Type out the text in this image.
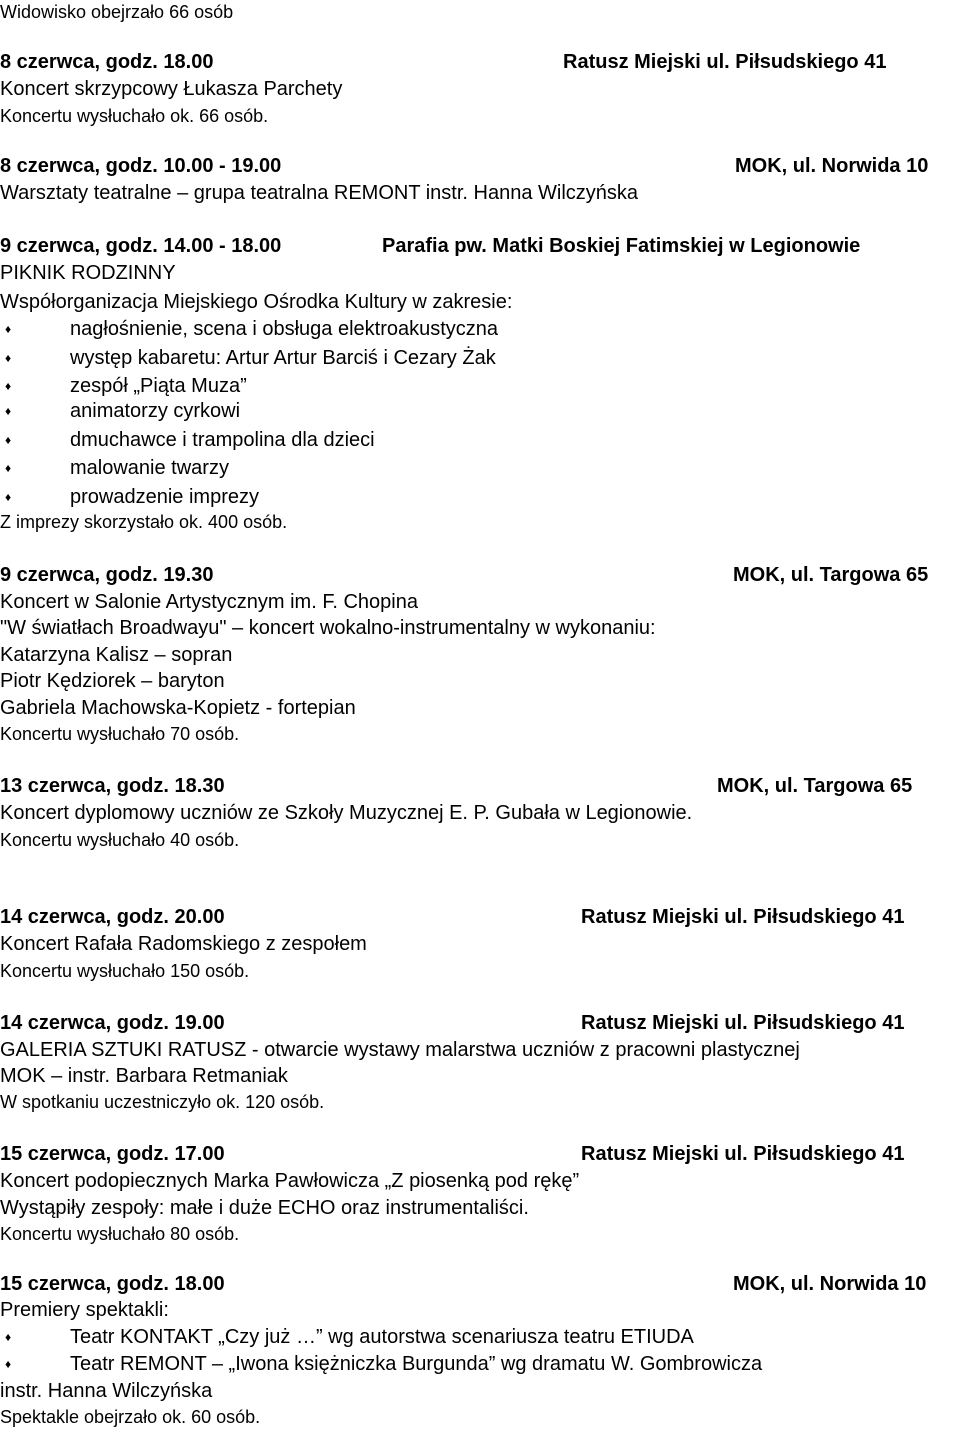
Widowisko obejrzało 66 osób
8 czerwca, godz. 18.00	Ratusz Miejski ul. Piłsudskiego 41
Koncert skrzypcowy Łukasza Parchety
Koncertu wysłuchało ok. 66 osób.
8 czerwca, godz. 10.00 - 19.00	MOK, ul. Norwida 10
Warsztaty teatralne – grupa teatralna REMONT instr. Hanna Wilczyńska
9 czerwca, godz. 14.00 - 18.00	Parafia pw. Matki Boskiej Fatimskiej w Legionowie
PIKNIK RODZINNY
Współorganizacja Miejskiego Ośrodka Kultury w zakresie:
♦	nagłośnienie, scena i obsługa elektroakustyczna
♦	występ kabaretu: Artur Artur Barciś i Cezary Żak
♦	zespół „Piąta Muza”
♦	animatorzy cyrkowi
♦	dmuchawce i trampolina dla dzieci
♦	malowanie twarzy
♦	prowadzenie imprezy
Z imprezy skorzystało ok. 400 osób.
9 czerwca, godz. 19.30	MOK, ul. Targowa 65
Koncert w Salonie Artystycznym im. F. Chopina
"W światłach Broadwayu" – koncert wokalno-instrumentalny w wykonaniu:
Katarzyna Kalisz – sopran
Piotr Kędziorek – baryton
Gabriela Machowska-Kopietz - fortepian
Koncertu wysłuchało 70 osób.
13 czerwca, godz. 18.30	MOK, ul. Targowa 65
Koncert dyplomowy uczniów ze Szkoły Muzycznej E. P. Gubała w Legionowie.
Koncertu wysłuchało 40 osób.
14 czerwca, godz. 20.00	Ratusz Miejski ul. Piłsudskiego 41
Koncert Rafała Radomskiego z zespołem
Koncertu wysłuchało 150 osób.
14 czerwca, godz. 19.00	Ratusz Miejski ul. Piłsudskiego 41
GALERIA SZTUKI RATUSZ - otwarcie wystawy malarstwa uczniów z pracowni plastycznej
MOK – instr. Barbara Retmaniak
W spotkaniu uczestniczyło ok. 120 osób.
15 czerwca, godz. 17.00	Ratusz Miejski ul. Piłsudskiego 41
Koncert podopiecznych Marka Pawłowicza „Z piosenką pod rękę”
Wystąpiły zespoły: małe i duże ECHO oraz instrumentaliści.
Koncertu wysłuchało 80 osób.
15 czerwca, godz. 18.00	MOK, ul. Norwida 10
Premiery spektakli:
♦	Teatr KONTAKT „Czy już …” wg autorstwa scenariusza teatru ETIUDA
♦	Teatr REMONT – „Iwona księżniczka Burgunda” wg dramatu W. Gombrowicza
instr. Hanna Wilczyńska
Spektakle obejrzało ok. 60 osób.
